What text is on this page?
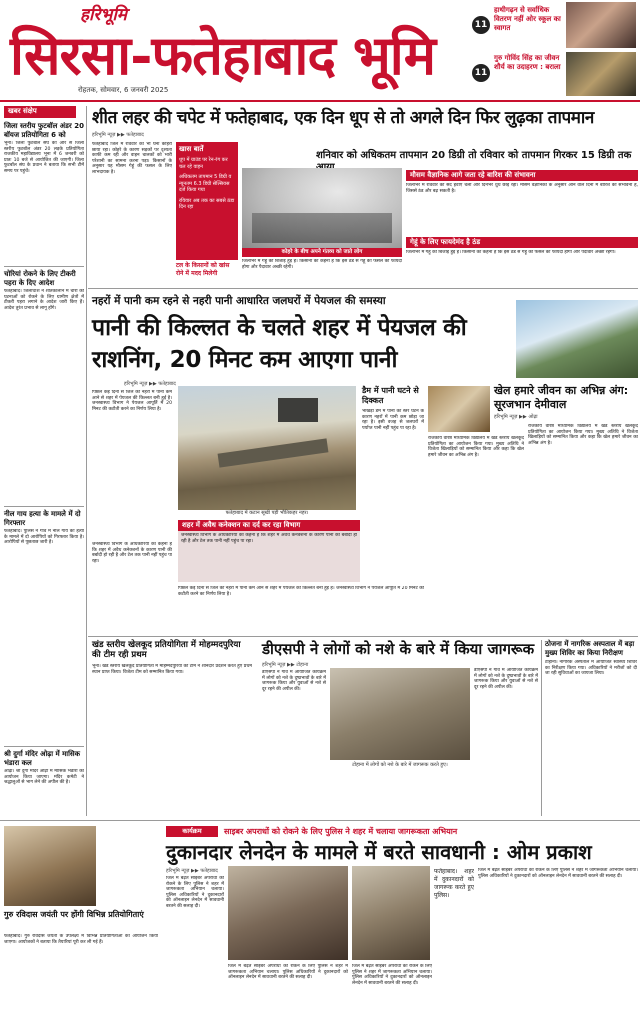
हरिभूमि
सिरसा-फतेहाबाद भूमि
रोहतक, सोमवार, 6 जनवरी 2025
11
हाथीगढ़न से सर्वाधिक वितरण नहीं ओर स्कूल का स्वागत
11
गुरु गोविंद सिंह का जीवन शौर्य का उदाहरण : बराला
खबर संक्षेप
जिला स्तरीय फुटबॉल अंडर 20 बॉयज प्रतियोगिता 6 को
भूना। जिला फुटबॉल संघ की ओर से जिला स्तरीय फुटबॉल अंडर 20 लड़के प्रतियोगिता राजकीय महाविद्यालय भूना में 6 जनवरी को प्रातः 10 बजे से आयोजित की जाएगी। जिला फुटबॉल संघ के प्रधान ने बताया कि सभी टीमें समय पर पहुंचें।
चोरियां रोकने के लिए टीकरी पहरा के दिए आदेश
फतेहाबाद। जिलाधीश ने शीतकालीन में चोरी की घटनाओं को रोकने के लिए ग्रामीण क्षेत्रों में टीकरी पहरा लगाने के आदेश जारी किए हैं। आदेश तुरंत प्रभाव से लागू होंगे।
नील गाय हत्या के मामले में दो गिरफ्तार
फतेहाबाद। पुलिस ने गांव में नील गाय की हत्या के मामले में दो आरोपियों को गिरफ्तार किया है। आरोपियों से पूछताछ जारी है।
श्री दुर्गा मंदिर ओढ़ा में मासिक भंडारा कल
ओढ़ा। श्री दुर्गा मंदिर ओढ़ा में मासिक भंडारा का आयोजन किया जाएगा। मंदिर कमेटी ने श्रद्धालुओं से भाग लेने की अपील की है।
शीत लहर की चपेट में फतेहाबाद, एक दिन धूप से तो अगले दिन फिर लुढ़का तापमान
हरिभूमि न्यूज़ ▶▶ फतेहाबाद
शनिवार को अधिकतम तापमान 20 डिग्री तो रविवार को तापमान गिरकर 15 डिग्री तक
फतेहाबाद जिले में रविवार को भी घना कोहरा छाया रहा। कोहरे के कारण सड़कों पर दृश्यता काफी कम रही और वाहन चालकों को भारी परेशानी का सामना करना पड़ा। किसानों के अनुसार यह मौसम गेहूं की फसल के लिए लाभदायक है।
खास बातें
धूप में ग्राउंड पर रेन-रंग कर चल रहे वाहन
अधिकतम तापमान 5 डिग्री व न्यूनतम 6.3 डिग्री सेल्सियस दर्ज किया गया
रविवार अब तक का सबसे ठंडा दिन रहा
टल के किसानों को खांस रोने में मदद मिलेगी
कोहरे के बीच अपने गंतव्य को जाते लोग
जिलाभर में गेहूं की बिजाई हुई है। किसानों का कहना है कि इस ठंड से गेहूं की फसल को फायदा होगा और पैदावार अच्छी रहेगी।
मौसम वैज्ञानिक आगे जता रहे बारिश की संभावना
जिलाभर में रविवार को सर्द हवाएं चलीं और दिनभर धुंध छाई रही। मौसम वैज्ञानिकों के अनुसार आने वाले दिनों में बारिश की संभावना है, जिससे ठंड और बढ़ सकती है।
गेहूं के लिए फायदेमंद है ठंड
जिलाभर में गेहूं की बिजाई हुई है। किसानों का कहना है कि इस ठंड से गेहूं की फसल को फायदा होगा और पैदावार अच्छी रहेगी।
नहरों में पानी कम रहने से नहरी पानी आधारित जलघरों में पेयजल की समस्या
पानी की किल्लत के चलते शहर में पेयजल की राशनिंग, 20 मिनट कम आएगा पानी
हरिभूमि न्यूज़ ▶▶ फतेहाबाद
पिछले कई दिनों से जिले की नहरों में पानी कम आने से शहर में पेयजल की किल्लत बनी हुई है। जनस्वास्थ्य विभाग ने पेयजल आपूर्ति में 20 मिनट की कटौती करने का निर्णय लिया है।
जनस्वास्थ्य विभाग के अधिकारियों का कहना है कि शहर में अवैध कनेक्शनों के कारण पानी की बर्बादी हो रही है और टेल तक पानी नहीं पहुंच पा रहा।
फतेहाबाद में कटान सूखी पड़ी भौतिकहर नहर।
डैम में पानी घटने से दिक्कत
भाखड़ा डैम में पानी का स्तर घटने के कारण नहरों में पानी कम छोड़ा जा रहा है। इसी वजह से जलघरों में पर्याप्त पानी नहीं पहुंच पा रहा है।
शहर में अवैध कनेक्शन का दर्द कर रहा विभाग
जनस्वास्थ्य विभाग के अधिकारियों का कहना है कि शहर में अवैध कनेक्शनों के कारण पानी की बर्बादी हो रही है और टेल तक पानी नहीं पहुंच पा रहा।
पिछले कई दिनों से जिले की नहरों में पानी कम आने से शहर में पेयजल की किल्लत बनी हुई है। जनस्वास्थ्य विभाग ने पेयजल आपूर्ति में 20 मिनट की कटौती करने का निर्णय लिया है।
खेल हमारे जीवन का अभिन्न अंग: सूरजभान देमीवाल
हरिभूमि न्यूज़ ▶▶ ओढ़ा
राजकीय वरिष्ठ माध्यमिक विद्यालय में खंड स्तरीय खेलकूद प्रतियोगिता का आयोजन किया गया। मुख्य अतिथि ने विजेता खिलाड़ियों को सम्मानित किया और कहा कि खेल हमारे जीवन का अभिन्न अंग है।
राजकीय वरिष्ठ माध्यमिक विद्यालय में खंड स्तरीय खेलकूद प्रतियोगिता का आयोजन किया गया। मुख्य अतिथि ने विजेता खिलाड़ियों को सम्मानित किया और कहा कि खेल हमारे जीवन का अभिन्न अंग है।
खंड स्तरीय खेलकूद प्रतियोगिता में मोहम्मदपुरिया की टीम रही प्रथम
भूना। खंड स्तरीय खेलकूद प्रतियोगिता में मोहम्मदपुरिया की टीम ने शानदार प्रदर्शन करते हुए प्रथम स्थान प्राप्त किया। विजेता टीम को सम्मानित किया गया।
डीएसपी ने लोगों को नशे के बारे में किया जागरूक
हरिभूमि न्यूज़ ▶▶ टोहाना
डीएसपी ने गांव में आयोजित कार्यक्रम में लोगों को नशे के दुष्प्रभावों के बारे में जागरूक किया और युवाओं से नशे से दूर रहने की अपील की।
टोहाना में लोगों को नशे के बारे में जागरूक करते हुए।
डीएसपी ने गांव में आयोजित कार्यक्रम में लोगों को नशे के दुष्प्रभावों के बारे में जागरूक किया और युवाओं से नशे से दूर रहने की अपील की।
ठोजना में नागरिक अस्पताल में बड़ा मुख्य शिविर का किया निरीक्षण
टोहाना। नागरिक अस्पताल में आयोजित स्वास्थ्य शिविर का निरीक्षण किया गया। अधिकारियों ने मरीजों को दी जा रही सुविधाओं का जायजा लिया।
गुरु रविदास जयंती पर होंगी विभिन्न प्रतियोगिताएं
फतेहाबाद। गुरु रविदास जयंती के उपलक्ष्य में विभिन्न प्रतियोगिताओं का आयोजन किया जाएगा। आयोजकों ने बताया कि तैयारियां पूरी कर ली गई हैं।
कार्यक्रम	साइबर अपराधों को रोकने के लिए पुलिस ने शहर में चलाया जागरूकता अभियान
दुकानदार लेनदेन के मामले में बरते सावधानी : ओम प्रकाश
हरिभूमि न्यूज़ ▶▶ फतेहाबाद
जिले में बढ़ते साइबर अपराधों को रोकने के लिए पुलिस ने शहर में जागरूकता अभियान चलाया। पुलिस अधिकारियों ने दुकानदारों को ऑनलाइन लेनदेन में सावधानी बरतने की सलाह दी।
जिले में बढ़ते साइबर अपराधों को रोकने के लिए पुलिस ने शहर में जागरूकता अभियान चलाया। पुलिस अधिकारियों ने दुकानदारों को ऑनलाइन लेनदेन में सावधानी बरतने की सलाह दी।
जिले में बढ़ते साइबर अपराधों को रोकने के लिए पुलिस ने शहर में जागरूकता अभियान चलाया। पुलिस अधिकारियों ने दुकानदारों को ऑनलाइन लेनदेन में सावधानी बरतने की सलाह दी।
फतेहाबाद। शहर में दुकानदारों को जागरूक करते हुए पुलिस।
जिले में बढ़ते साइबर अपराधों को रोकने के लिए पुलिस ने शहर में जागरूकता अभियान चलाया। पुलिस अधिकारियों ने दुकानदारों को ऑनलाइन लेनदेन में सावधानी बरतने की सलाह दी।
